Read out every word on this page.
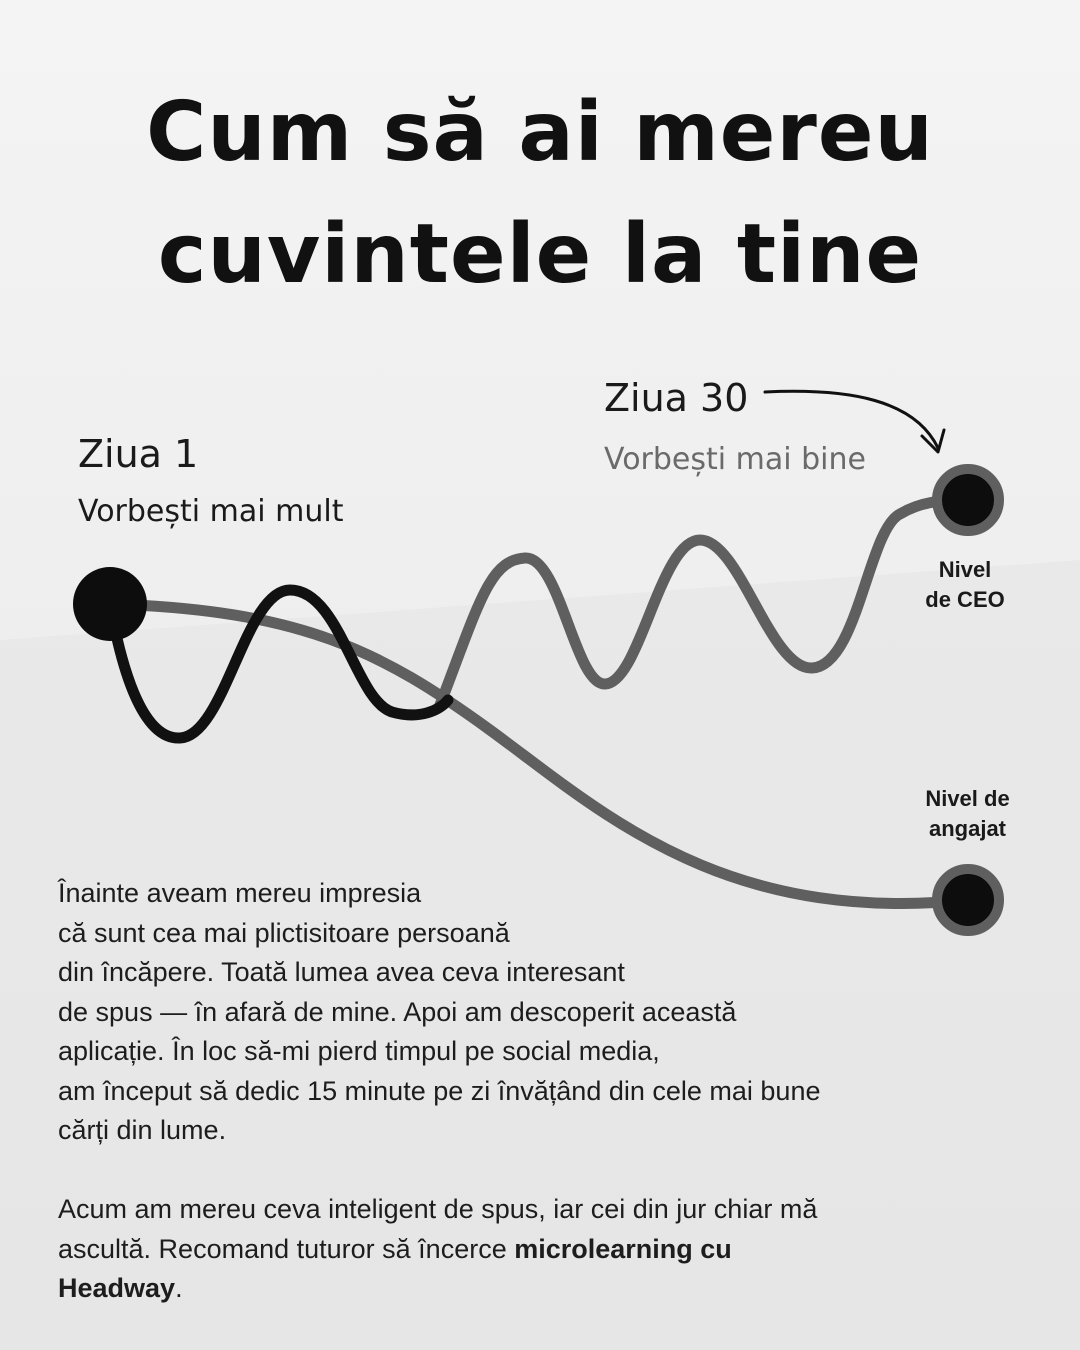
Cum să ai mereu
cuvintele la tine
Ziua 1
Vorbești mai mult
Ziua 30
Vorbești mai bine
Nivel
de CEO
Nivel de
angajat
Înainte aveam mereu impresia
că sunt cea mai plictisitoare persoană
din încăpere. Toată lumea avea ceva interesant
de spus — în afară de mine. Apoi am descoperit această
aplicație. În loc să-mi pierd timpul pe social media,
am început să dedic 15 minute pe zi învățând din cele mai bune
cărți din lume.
Acum am mereu ceva inteligent de spus, iar cei din jur chiar mă
ascultă. Recomand tuturor să încerce microlearning cu
Headway.
